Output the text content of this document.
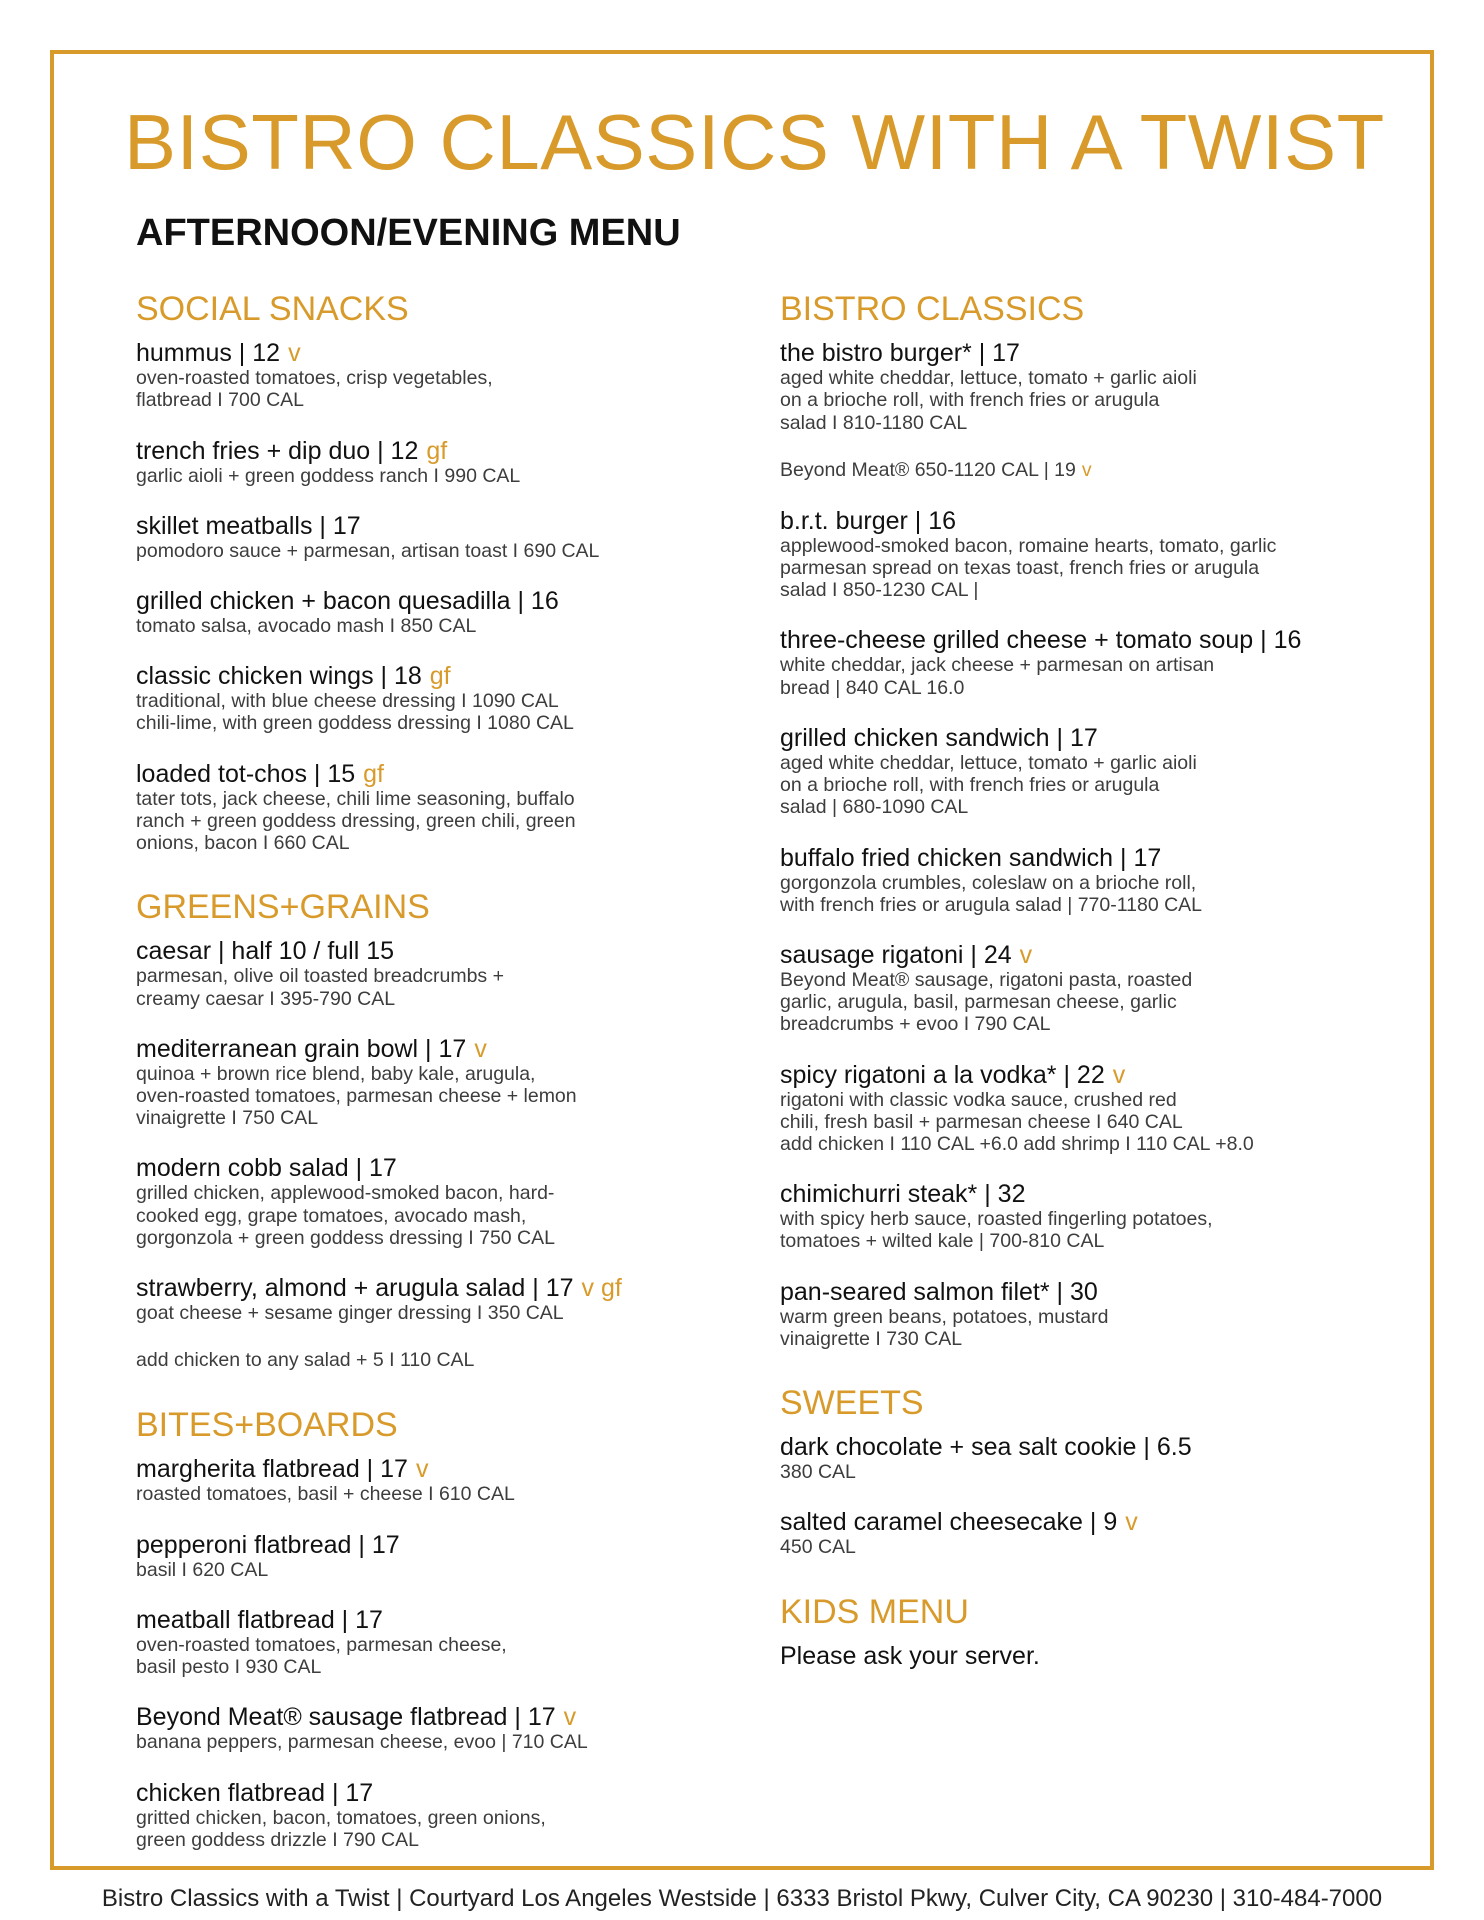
BISTRO CLASSICS WITH A TWIST
AFTERNOON/EVENING MENU
SOCIAL SNACKS

hummus | 12 v

oven-roasted tomatoes, crisp vegetables,
flatbread I 700 CAL

trench fries + dip duo | 12 gf

garlic aioli + green goddess ranch I 990 CAL

skillet meatballs | 17

pomodoro sauce + parmesan, artisan toast I 690 CAL

grilled chicken + bacon quesadilla | 16

tomato salsa, avocado mash I 850 CAL

classic chicken wings | 18 gf

traditional, with blue cheese dressing I 1090 CAL
chili-lime, with green goddess dressing I 1080 CAL

loaded tot-chos | 15 gf

tater tots, jack cheese, chili lime seasoning, buffalo
ranch + green goddess dressing, green chili, green
onions, bacon I 660 CAL

GREENS+GRAINS

caesar | half 10 / full 15

parmesan, olive oil toasted breadcrumbs +
creamy caesar I 395-790 CAL

mediterranean grain bowl | 17 v

quinoa + brown rice blend, baby kale, arugula,
oven-roasted tomatoes, parmesan cheese + lemon
vinaigrette I 750 CAL

modern cobb salad | 17

grilled chicken, applewood-smoked bacon, hard-
cooked egg, grape tomatoes, avocado mash,
gorgonzola + green goddess dressing I 750 CAL

strawberry, almond + arugula salad | 17 v gf

goat cheese + sesame ginger dressing I 350 CAL

add chicken to any salad + 5 I 110 CAL

BITES+BOARDS

margherita flatbread | 17 v

roasted tomatoes, basil + cheese I 610 CAL

pepperoni flatbread | 17

basil I 620 CAL

meatball flatbread | 17

oven-roasted tomatoes, parmesan cheese,
basil pesto I 930 CAL

Beyond Meat® sausage flatbread | 17 v

banana peppers, parmesan cheese, evoo | 710 CAL

chicken flatbread | 17

gritted chicken, bacon, tomatoes, green onions,
green goddess drizzle I 790 CAL

BISTRO CLASSICS

the bistro burger* | 17

aged white cheddar, lettuce, tomato + garlic aioli
on a brioche roll, with french fries or arugula
salad I 810-1180 CAL

Beyond Meat® 650-1120 CAL | 19 v

b.r.t. burger | 16

applewood-smoked bacon, romaine hearts, tomato, garlic
parmesan spread on texas toast, french fries or arugula
salad I 850-1230 CAL |

three-cheese grilled cheese + tomato soup | 16

white cheddar, jack cheese + parmesan on artisan
bread | 840 CAL 16.0

grilled chicken sandwich | 17

aged white cheddar, lettuce, tomato + garlic aioli
on a brioche roll, with french fries or arugula
salad | 680-1090 CAL

buffalo fried chicken sandwich | 17

gorgonzola crumbles, coleslaw on a brioche roll,
with french fries or arugula salad | 770-1180 CAL

sausage rigatoni | 24 v

Beyond Meat® sausage, rigatoni pasta, roasted
garlic, arugula, basil, parmesan cheese, garlic
breadcrumbs + evoo I 790 CAL

spicy rigatoni a la vodka* | 22 v

rigatoni with classic vodka sauce, crushed red
chili, fresh basil + parmesan cheese I 640 CAL
add chicken I 110 CAL +6.0 add shrimp I 110 CAL +8.0

chimichurri steak* | 32

with spicy herb sauce, roasted fingerling potatoes,
tomatoes + wilted kale | 700-810 CAL

pan-seared salmon filet* | 30

warm green beans, potatoes, mustard
vinaigrette I 730 CAL

SWEETS

dark chocolate + sea salt cookie | 6.5

380 CAL

salted caramel cheesecake | 9 v

450 CAL

KIDS MENU

Please ask your server.

Bistro Classics with a Twist | Courtyard Los Angeles Westside | 6333 Bristol Pkwy, Culver City, CA 90230 | 310-484-7000
